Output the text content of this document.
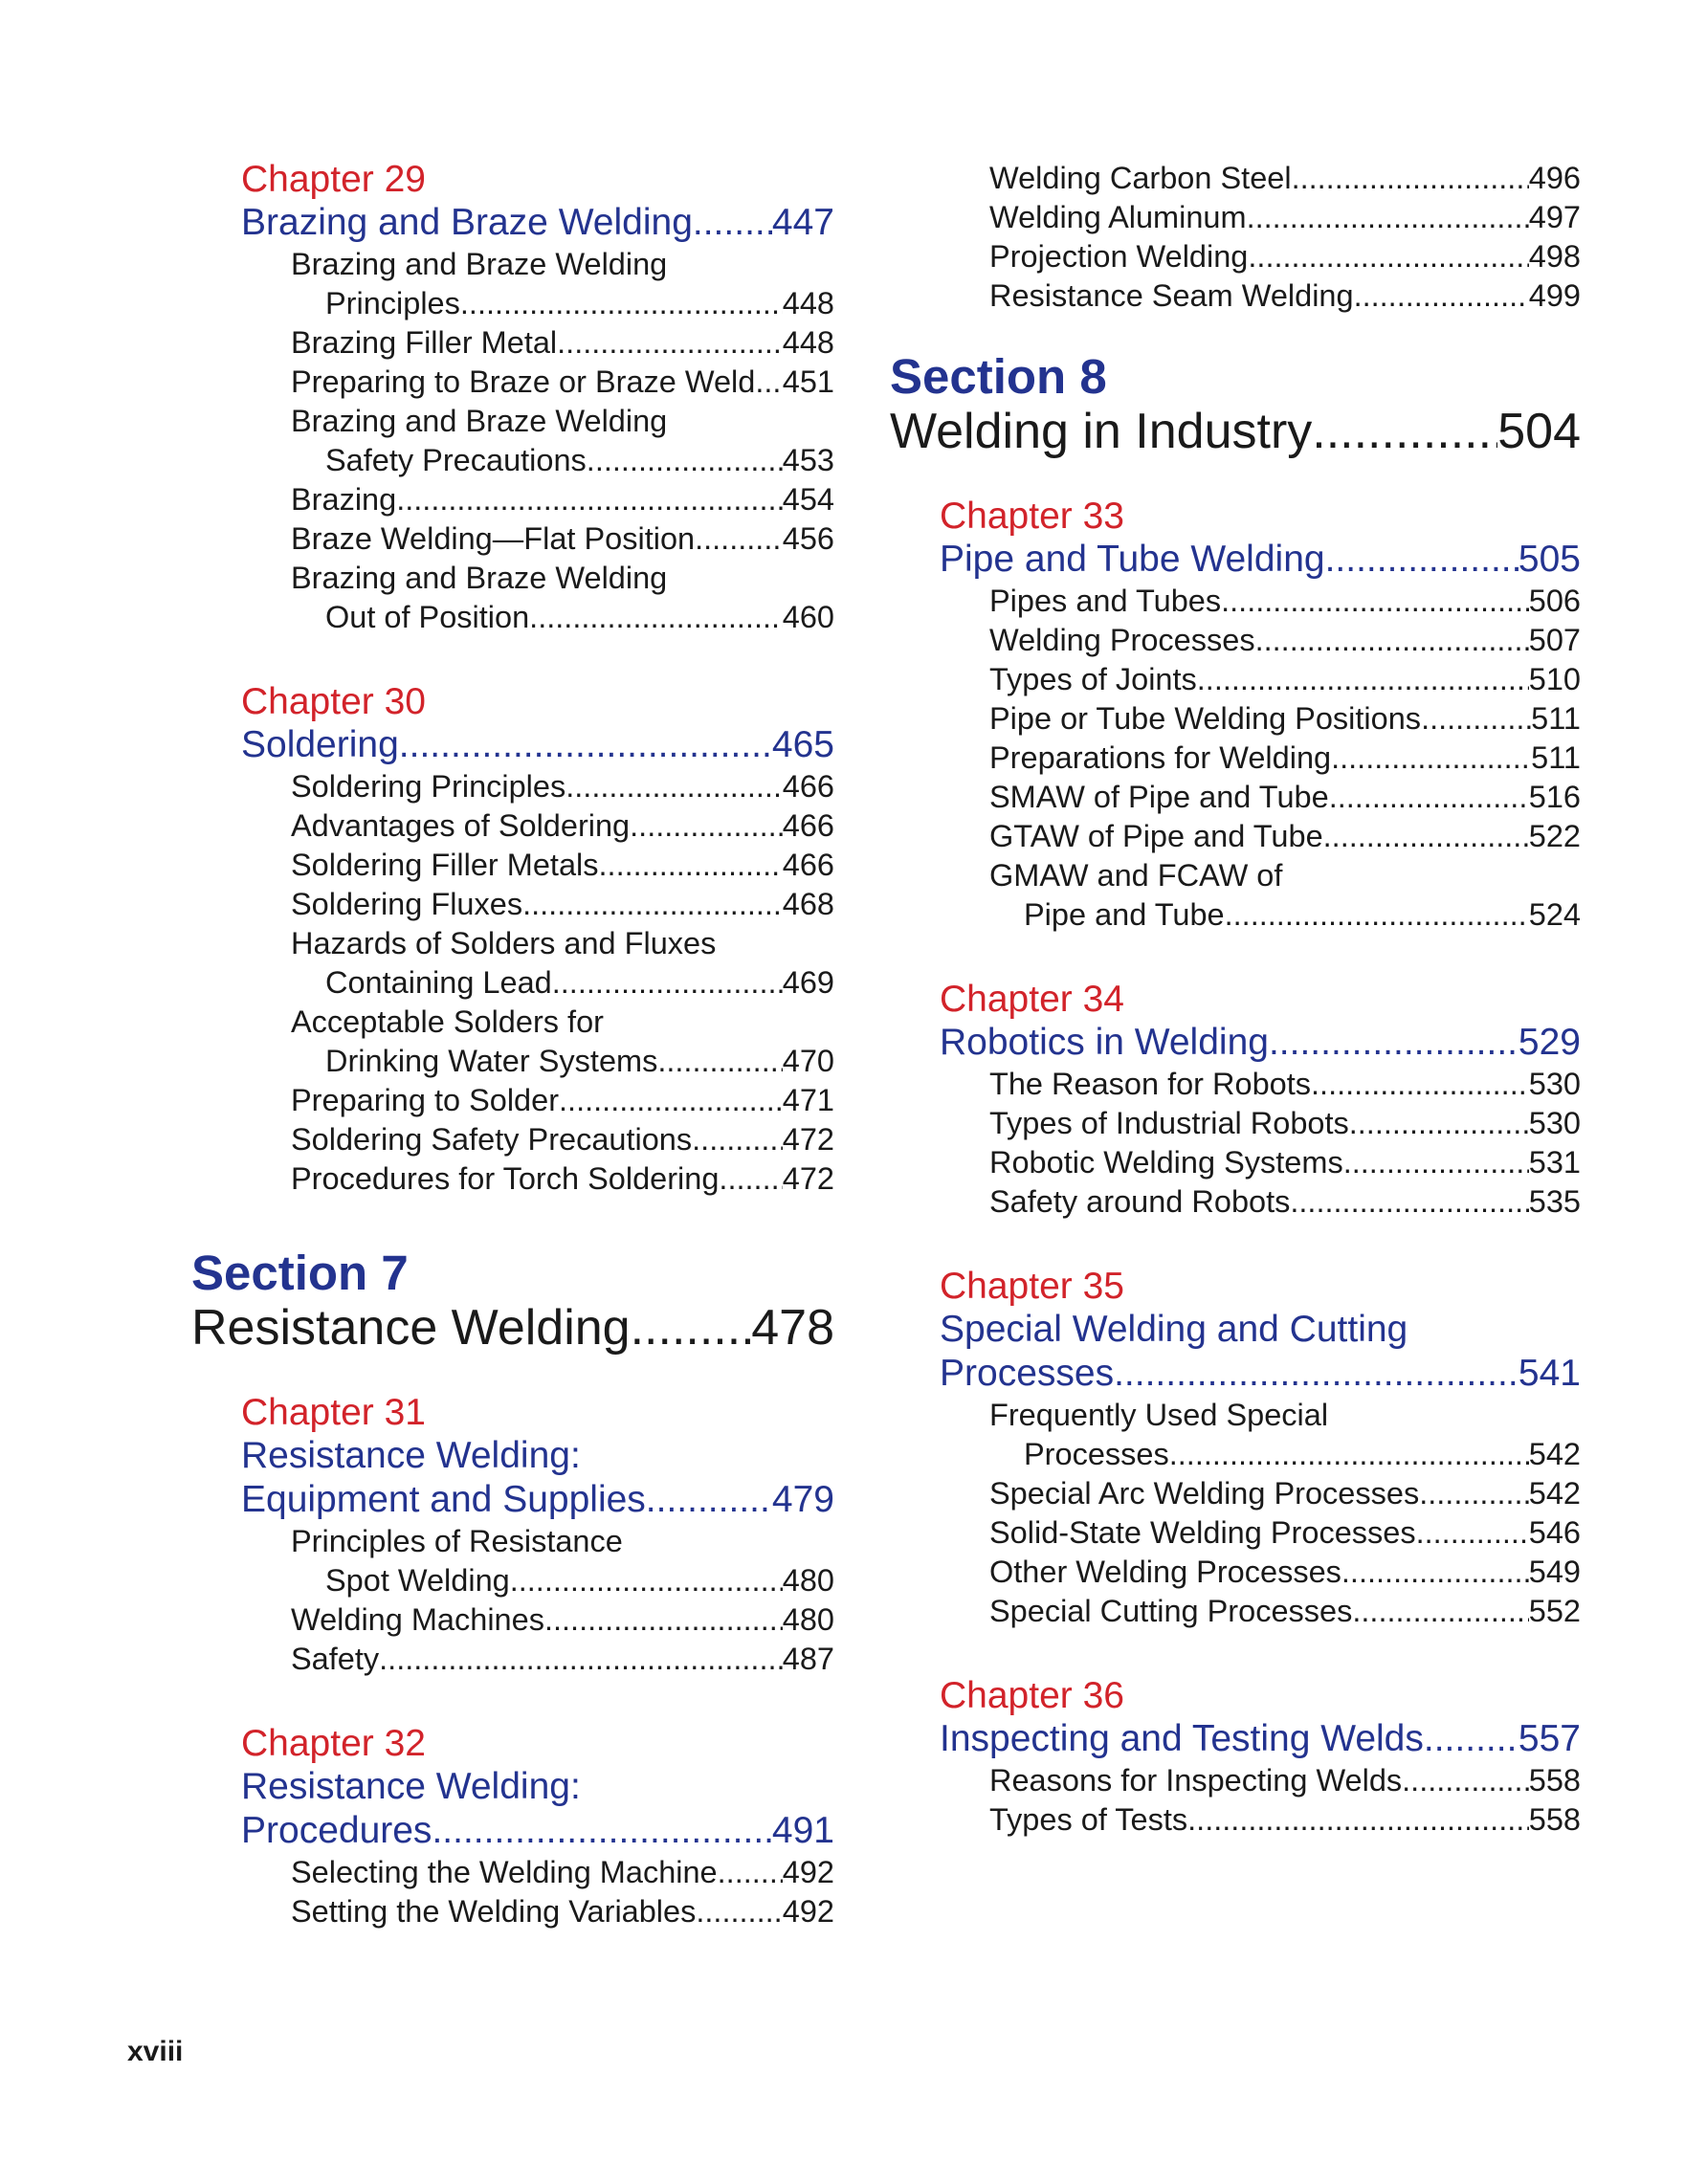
Chapter 29
Brazing and Braze Welding ..... 447
Brazing and Braze Welding
Principles .....	448
Brazing Filler Metal .....	448
Preparing to Braze or Braze Weld ..... 451
Brazing and Braze Welding
Safety Precautions .....	453
Brazing .....	454
Braze Welding—Flat Position .....	456
Brazing and Braze Welding
Out of Position .....	460
Chapter 30
Soldering .....	465
Soldering Principles .....	466
Advantages of Soldering .....	466
Soldering Filler Metals .....	466
Soldering Fluxes .....	468
Hazards of Solders and Fluxes
Containing Lead .....	469
Acceptable Solders for
Drinking Water Systems .....	470
Preparing to Solder .....	471
Soldering Safety Precautions .....	472
Procedures for Torch Soldering ..... 472
Section 7
Resistance Welding ..... 478
Chapter 31
Resistance Welding:
Equipment and Supplies .....	479
Principles of Resistance
Spot Welding .....	480
Welding Machines .....	480
Safety .....	487
Chapter 32
Resistance Welding:
Procedures .....	491
Selecting the Welding Machine ..... 492
Setting the Welding Variables .....	492
Welding Carbon Steel .....	496
Welding Aluminum .....	497
Projection Welding .....	498
Resistance Seam Welding .....	499
Section 8
Welding in Industry .....	504
Chapter 33
Pipe and Tube Welding .....	505
Pipes and Tubes .....	506
Welding Processes .....	507
Types of Joints .....	510
Pipe or Tube Welding Positions .....	511
Preparations for Welding .....	511
SMAW of Pipe and Tube .....	516
GTAW of Pipe and Tube .....	522
GMAW and FCAW of
Pipe and Tube .....	524
Chapter 34
Robotics in Welding .....	529
The Reason for Robots .....	530
Types of Industrial Robots .....	530
Robotic Welding Systems .....	531
Safety around Robots .....	535
Chapter 35
Special Welding and Cutting
Processes .....	541
Frequently Used Special
Processes .....	542
Special Arc Welding Processes .....	542
Solid-State Welding Processes .....	546
Other Welding Processes .....	549
Special Cutting Processes .....	552
Chapter 36
Inspecting and Testing Welds .....	557
Reasons for Inspecting Welds .....	558
Types of Tests .....	558
xviii
